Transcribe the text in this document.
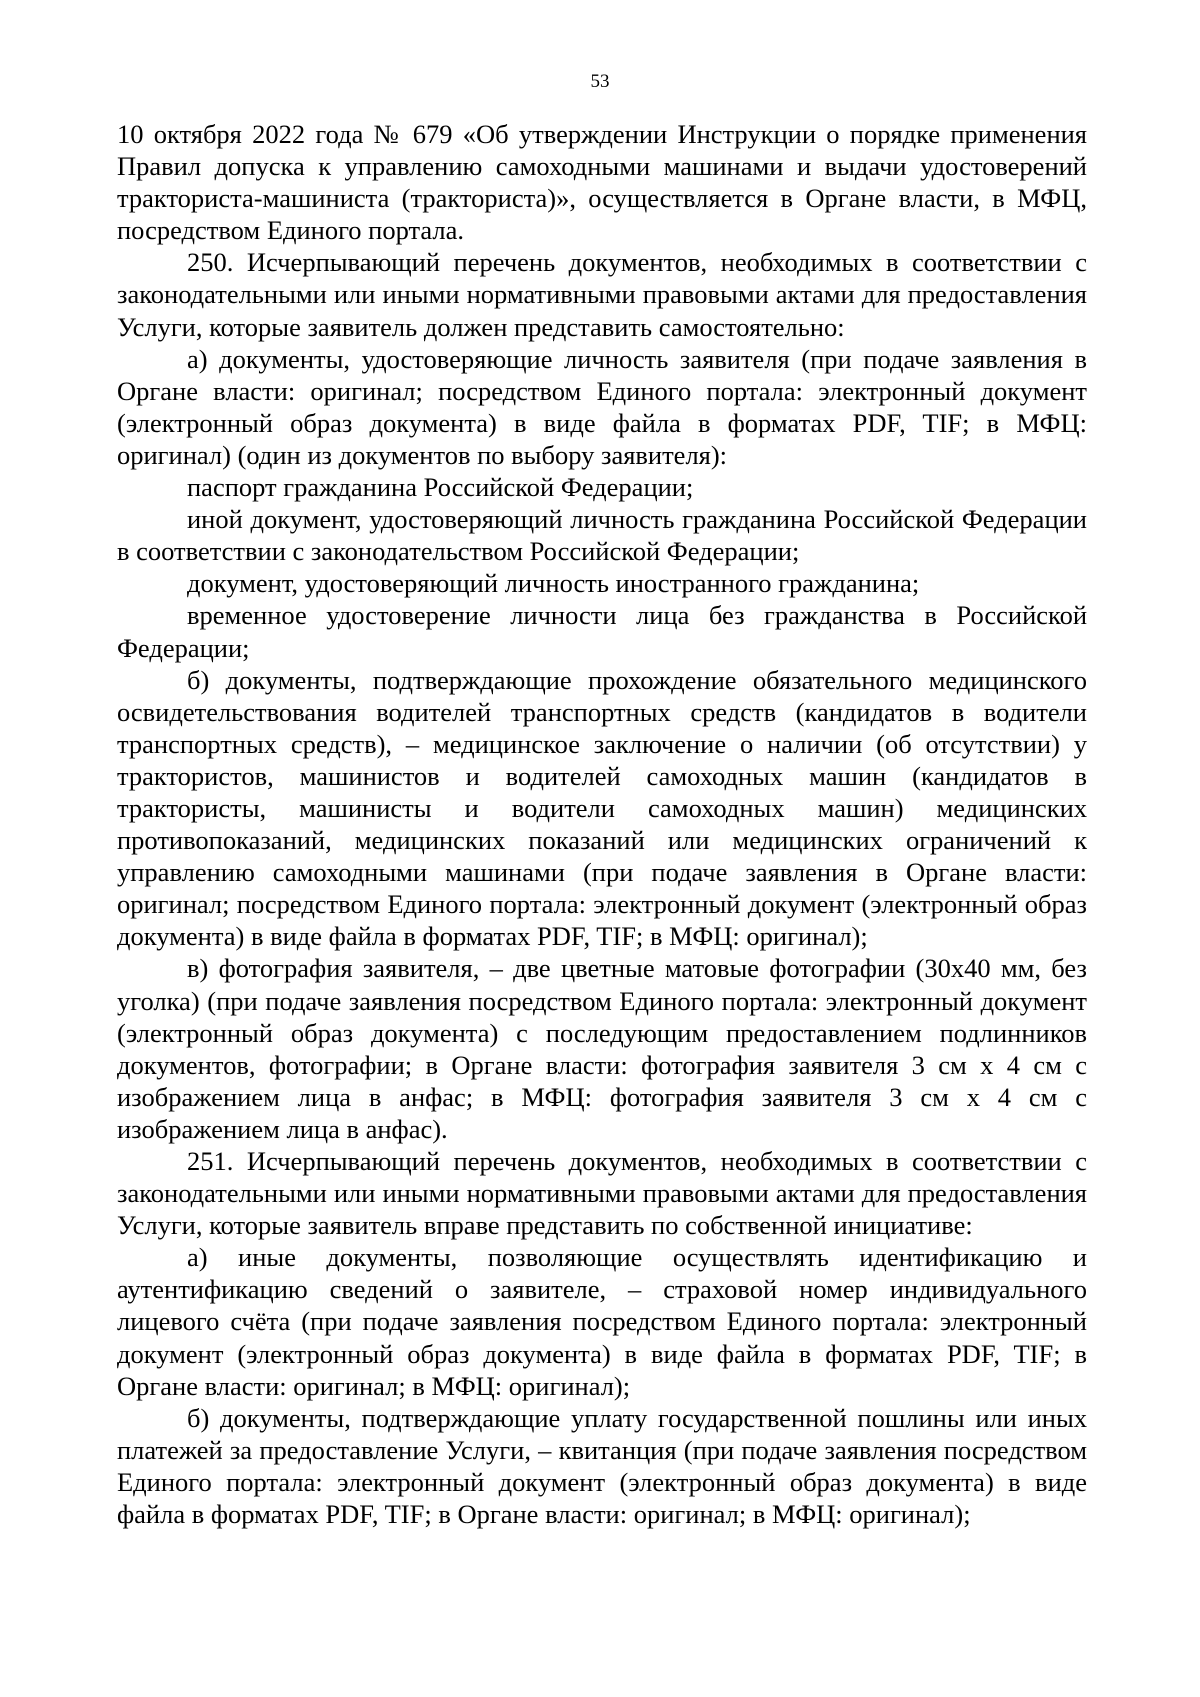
53

10 октября 2022 года № 679 «Об утверждении Инструкции о порядке применения Правил допуска к управлению самоходными машинами и выдачи удостоверений тракториста-машиниста (тракториста)», осуществляется в Органе власти, в МФЦ, посредством Единого портала.

250. Исчерпывающий перечень документов, необходимых в соответствии с законодательными или иными нормативными правовыми актами для предоставления Услуги, которые заявитель должен представить самостоятельно:

а) документы, удостоверяющие личность заявителя (при подаче заявления в Органе власти: оригинал; посредством Единого портала: электронный документ (электронный образ документа) в виде файла в форматах PDF, TIF; в МФЦ: оригинал) (один из документов по выбору заявителя):

паспорт гражданина Российской Федерации;

иной документ, удостоверяющий личность гражданина Российской Федерации в соответствии с законодательством Российской Федерации;

документ, удостоверяющий личность иностранного гражданина;

временное удостоверение личности лица без гражданства в Российской Федерации;

б) документы, подтверждающие прохождение обязательного медицинского освидетельствования водителей транспортных средств (кандидатов в водители транспортных средств), – медицинское заключение о наличии (об отсутствии) у трактористов, машинистов и водителей самоходных машин (кандидатов в трактористы, машинисты и водители самоходных машин) медицинских противопоказаний, медицинских показаний или медицинских ограничений к управлению самоходными машинами (при подаче заявления в Органе власти: оригинал; посредством Единого портала: электронный документ (электронный образ документа) в виде файла в форматах PDF, TIF; в МФЦ: оригинал);

в) фотография заявителя, – две цветные матовые фотографии (30х40 мм, без уголка) (при подаче заявления посредством Единого портала: электронный документ (электронный образ документа) с последующим предоставлением подлинников документов, фотографии; в Органе власти: фотография заявителя 3 см х 4 см с изображением лица в анфас; в МФЦ: фотография заявителя 3 см х 4 см с изображением лица в анфас).

251. Исчерпывающий перечень документов, необходимых в соответствии с законодательными или иными нормативными правовыми актами для предоставления Услуги, которые заявитель вправе представить по собственной инициативе:

а) иные документы, позволяющие осуществлять идентификацию и аутентификацию сведений о заявителе, – страховой номер индивидуального лицевого счёта (при подаче заявления посредством Единого портала: электронный документ (электронный образ документа) в виде файла в форматах PDF, TIF; в Органе власти: оригинал; в МФЦ: оригинал);

б) документы, подтверждающие уплату государственной пошлины или иных платежей за предоставление Услуги, – квитанция (при подаче заявления посредством Единого портала: электронный документ (электронный образ документа) в виде файла в форматах PDF, TIF; в Органе власти: оригинал; в МФЦ: оригинал);
